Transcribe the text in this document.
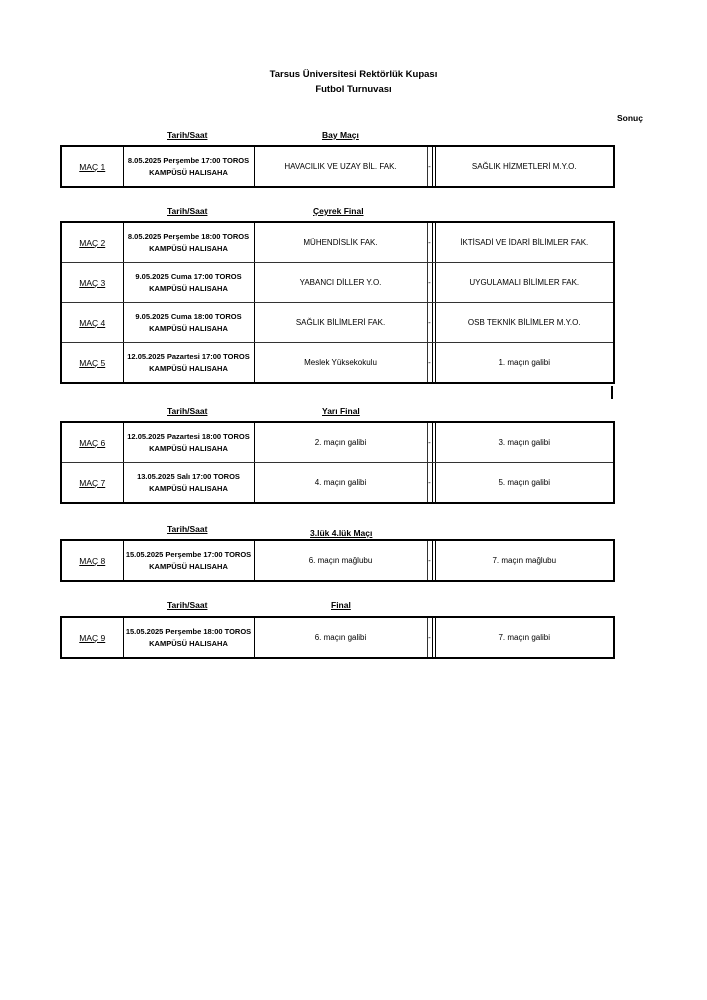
Tarsus Üniversitesi Rektörlük Kupası
Futbol Turnuvası
Sonuç
Tarih/Saat	Bay Maçı
MAÇ 1	8.05.2025 Perşembe 17:00 TOROS KAMPÜSÜ HALISAHA	HAVACILIK VE UZAY BİL. FAK.	-		SAĞLIK HİZMETLERİ M.Y.O.
Tarih/Saat	Çeyrek Final
MAÇ 2	8.05.2025 Perşembe 18:00 TOROS KAMPÜSÜ HALISAHA	MÜHENDİSLİK FAK.	-		İKTİSADİ VE İDARİ BİLİMLER FAK.
MAÇ 3	9.05.2025 Cuma 17:00 TOROS KAMPÜSÜ HALISAHA	YABANCI DİLLER Y.O.	-		UYGULAMALI BİLİMLER FAK.
MAÇ 4	9.05.2025 Cuma 18:00 TOROS KAMPÜSÜ HALISAHA	SAĞLIK BİLİMLERİ FAK.	-		OSB TEKNİK BİLİMLER M.Y.O.
MAÇ 5	12.05.2025 Pazartesi 17:00 TOROS KAMPÜSÜ HALISAHA	Meslek Yüksekokulu	-		1. maçın galibi
Tarih/Saat	Yarı Final
MAÇ 6	12.05.2025 Pazartesi 18:00 TOROS KAMPÜSÜ HALISAHA	2. maçın galibi	-		3. maçın galibi
MAÇ 7	13.05.2025 Salı 17:00 TOROS KAMPÜSÜ HALISAHA	4. maçın galibi	-		5. maçın galibi
Tarih/Saat	3.lük 4.lük Maçı
MAÇ 8	15.05.2025 Perşembe 17:00 TOROS KAMPÜSÜ HALISAHA	6. maçın mağlubu	-		7. maçın mağlubu
Tarih/Saat	Final
MAÇ 9	15.05.2025 Perşembe 18:00 TOROS KAMPÜSÜ HALISAHA	6. maçın galibi	-		7. maçın galibi
